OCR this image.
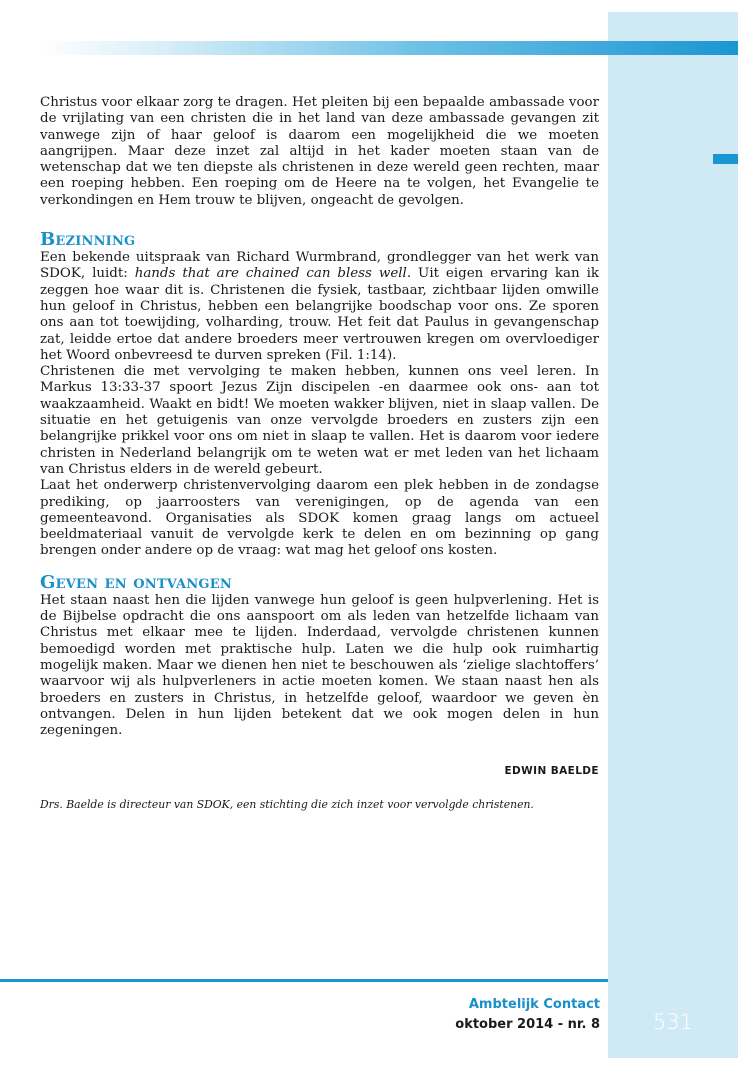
Christus voor elkaar zorg te dragen. Het pleiten bij een bepaalde ambassade voor de vrijlating van een christen die in het land van deze ambassade gevangen zit vanwege zijn of haar geloof is daarom een mogelijkheid die we moeten aangrijpen. Maar deze inzet zal altijd in het kader moeten staan van de wetenschap dat we ten diepste als christenen in deze wereld geen rechten, maar een roeping hebben. Een roeping om de Heere na te volgen, het Evangelie te verkondingen en Hem trouw te blijven, ongeacht de gevolgen.

Bezinning

Een bekende uitspraak van Richard Wurmbrand, grondlegger van het werk van SDOK, luidt: hands that are chained can bless well. Uit eigen ervaring kan ik zeggen hoe waar dit is. Christenen die fysiek, tastbaar, zichtbaar lijden omwille hun geloof in Christus, hebben een belangrijke boodschap voor ons. Ze sporen ons aan tot toewijding, volharding, trouw. Het feit dat Paulus in gevangenschap zat, leidde ertoe dat andere broeders meer vertrouwen kregen om overvloediger het Woord onbevreesd te durven spreken (Fil. 1:14).

Christenen die met vervolging te maken hebben, kunnen ons veel leren. In Markus 13:33-37 spoort Jezus Zijn discipelen -en daarmee ook ons- aan tot waakzaamheid. Waakt en bidt! We moeten wakker blijven, niet in slaap vallen. De situatie en het getuigenis van onze vervolgde broeders en zusters zijn een belangrijke prikkel voor ons om niet in slaap te vallen. Het is daarom voor iedere christen in Nederland belangrijk om te weten wat er met leden van het lichaam van Christus elders in de wereld gebeurt.

Laat het onderwerp christenvervolging daarom een plek hebben in de zondagse prediking, op jaarroosters van verenigingen, op de agenda van een gemeenteavond. Organisaties als SDOK komen graag langs om actueel beeldmateriaal vanuit de vervolgde kerk te delen en om bezinning op gang brengen onder andere op de vraag: wat mag het geloof ons kosten.

Geven en ontvangen

Het staan naast hen die lijden vanwege hun geloof is geen hulpverlening. Het is de Bijbelse opdracht die ons aanspoort om als leden van hetzelfde lichaam van Christus met elkaar mee te lijden. Inderdaad, vervolgde christenen kunnen bemoedigd worden met praktische hulp. Laten we die hulp ook ruimhartig mogelijk maken. Maar we dienen hen niet te beschouwen als ‘zielige slachtoffers’ waarvoor wij als hulpverleners in actie moeten komen. We staan naast hen als broeders en zusters in Christus, in hetzelfde geloof, waardoor we geven èn ontvangen. Delen in hun lijden betekent dat we ook mogen delen in hun zegeningen.

EDWIN BAELDE
Drs. Baelde is directeur van SDOK, een stichting die zich inzet voor vervolgde christenen.
Ambtelijk Contact
oktober 2014 - nr. 8	531
